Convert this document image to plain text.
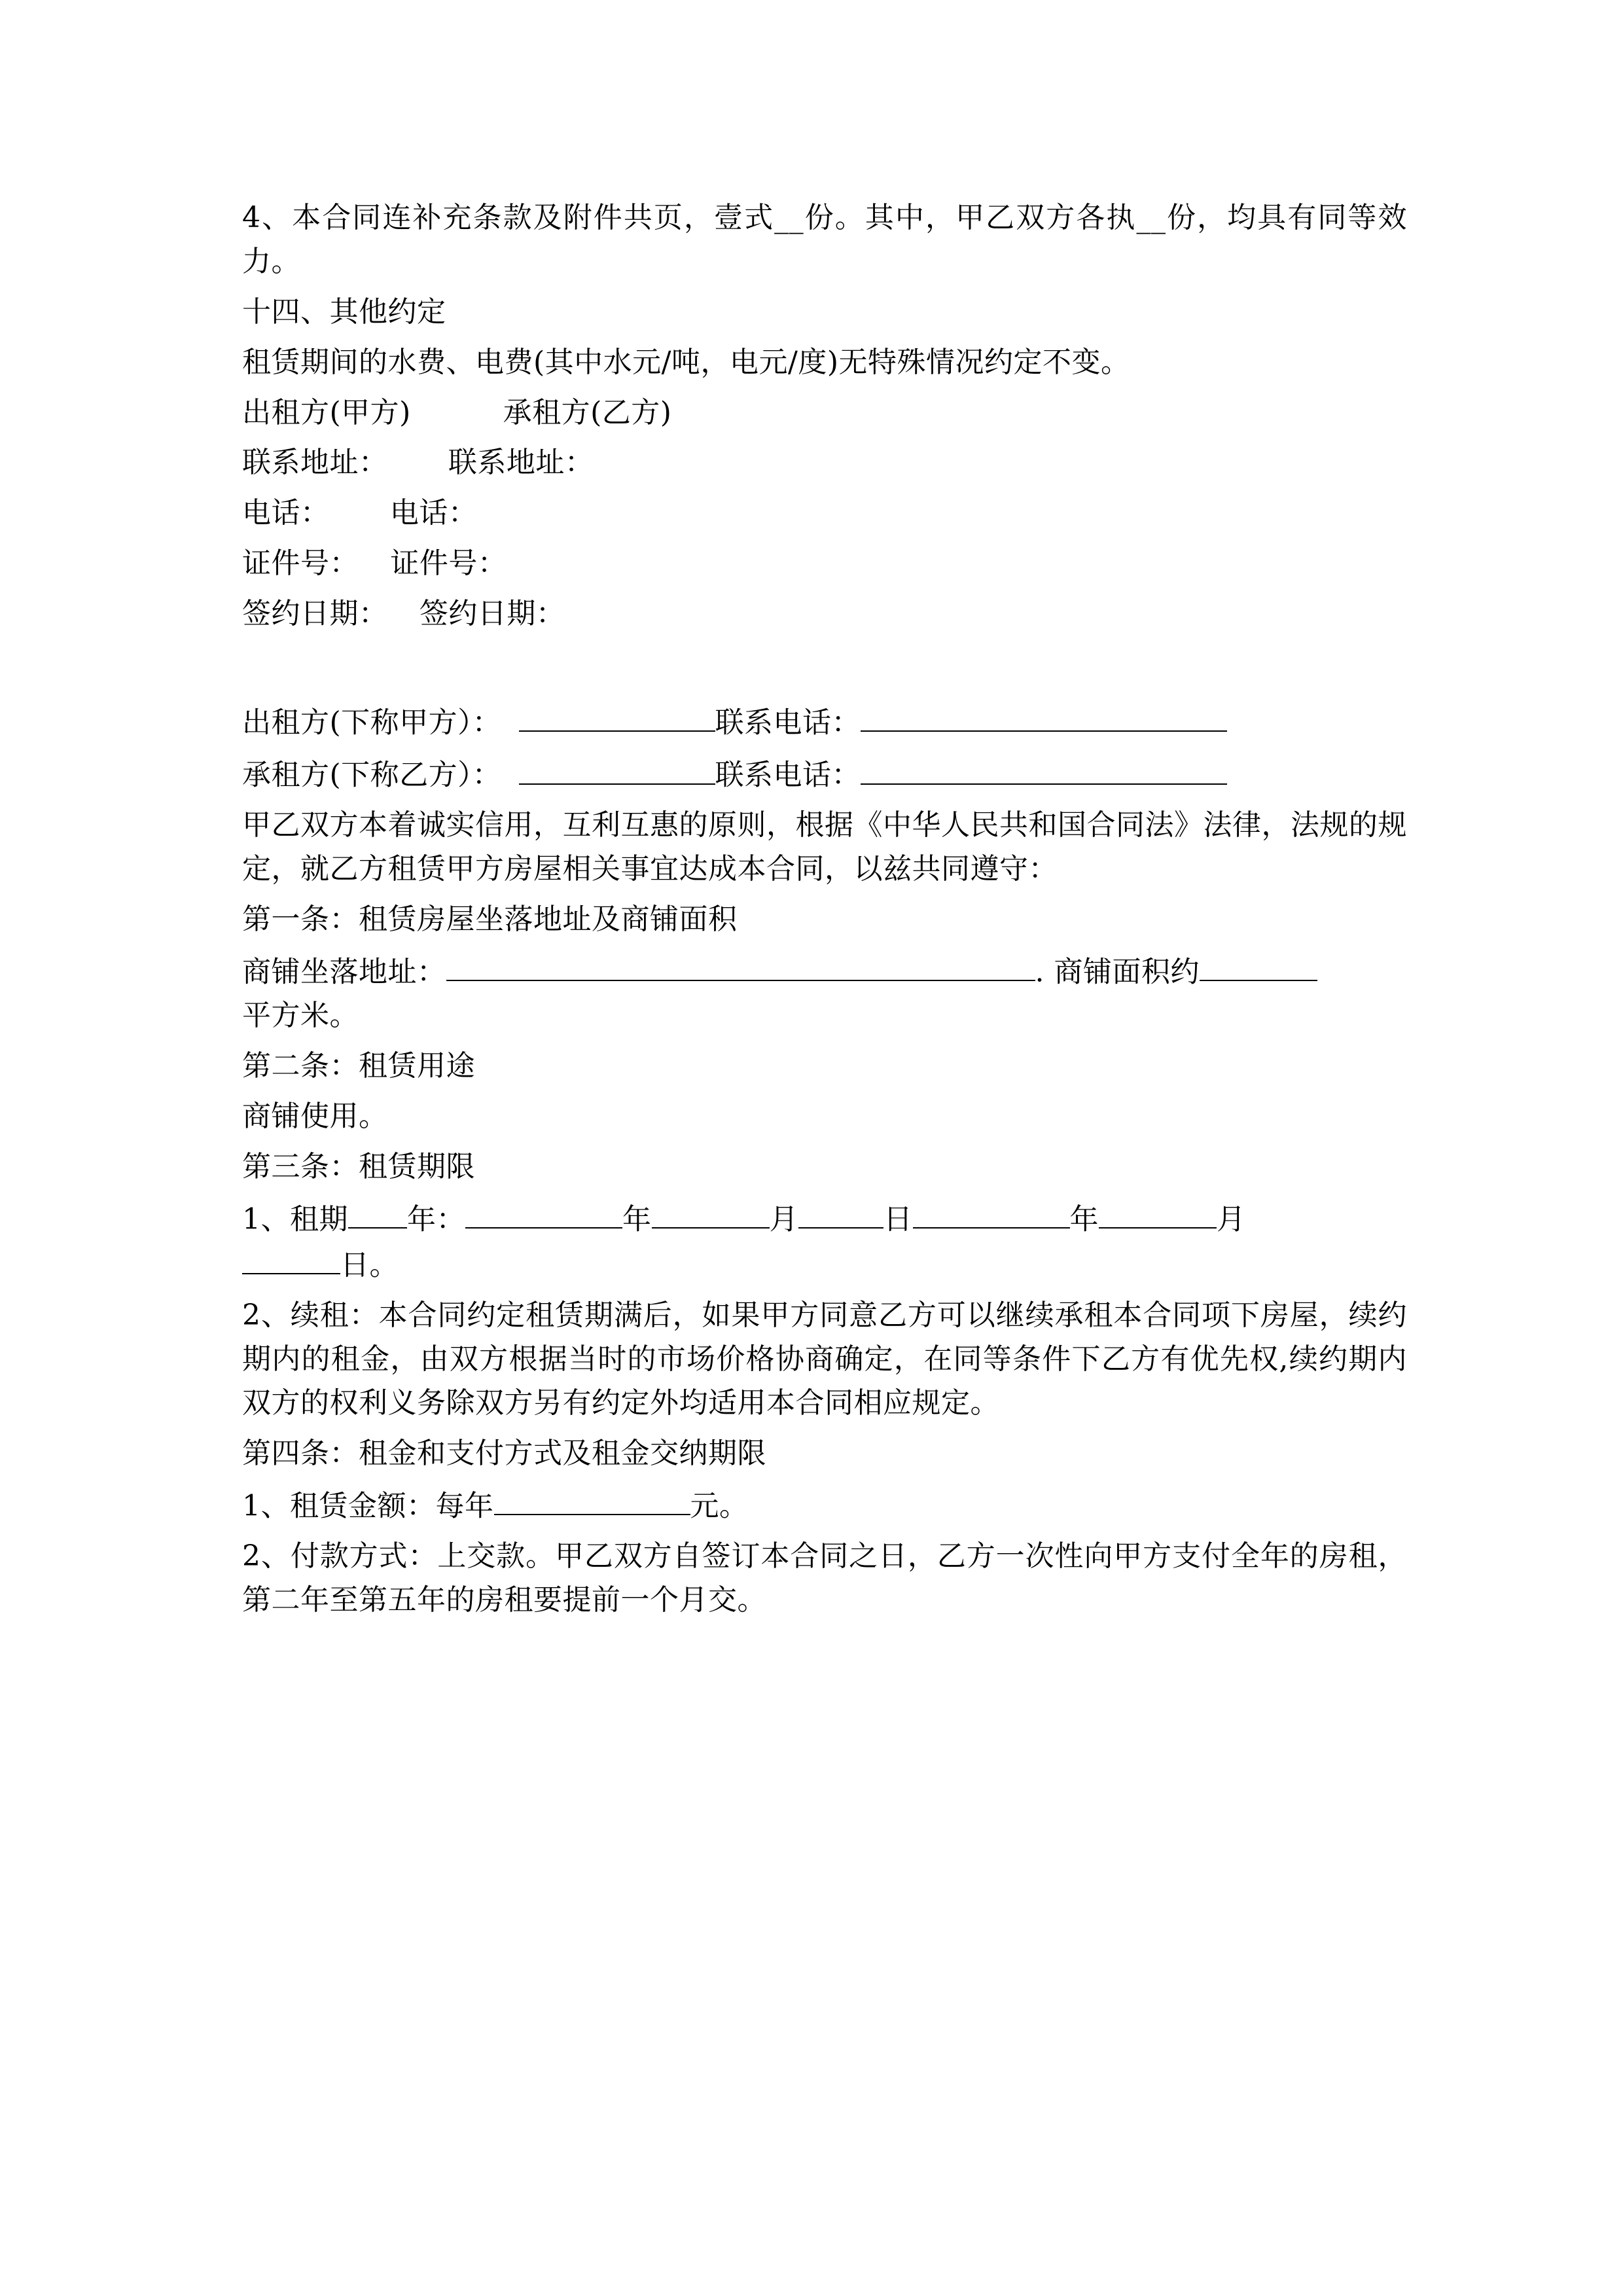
4、本合同连补充条款及附件共页，壹式__份。其中，甲乙双方各执__份，均具有同等效力。

十四、其他约定

租赁期间的水费、电费(其中水元/吨，电元/度)无特殊情况约定不变。

出租方(甲方)	承租方(乙方)

联系地址： 联系地址：

电话： 电话：

证件号： 证件号：

签约日期： 签约日期：

出租方(下称甲方）：	联系电话：

承租方(下称乙方）：	联系电话：

甲乙双方本着诚实信用，互利互惠的原则，根据《中华人民共和国合同法》法律，法规的规定，就乙方租赁甲方房屋相关事宜达成本合同，以兹共同遵守：

第一条：租赁房屋坐落地址及商铺面积

商铺坐落地址：	. 商铺面积约
平方米。

第二条：租赁用途

商铺使用。

第三条：租赁期限

1、租期 年：	年	月	日	年	月
日。

2、续租：本合同约定租赁期满后，如果甲方同意乙方可以继续承租本合同项下房屋，续约期内的租金，由双方根据当时的市场价格协商确定，在同等条件下乙方有优先权,续约期内双方的权利义务除双方另有约定外均适用本合同相应规定。

第四条：租金和支付方式及租金交纳期限

1、租赁金额：每年	元。

2、付款方式：上交款。甲乙双方自签订本合同之日，乙方一次性向甲方支付全年的房租，第二年至第五年的房租要提前一个月交。
